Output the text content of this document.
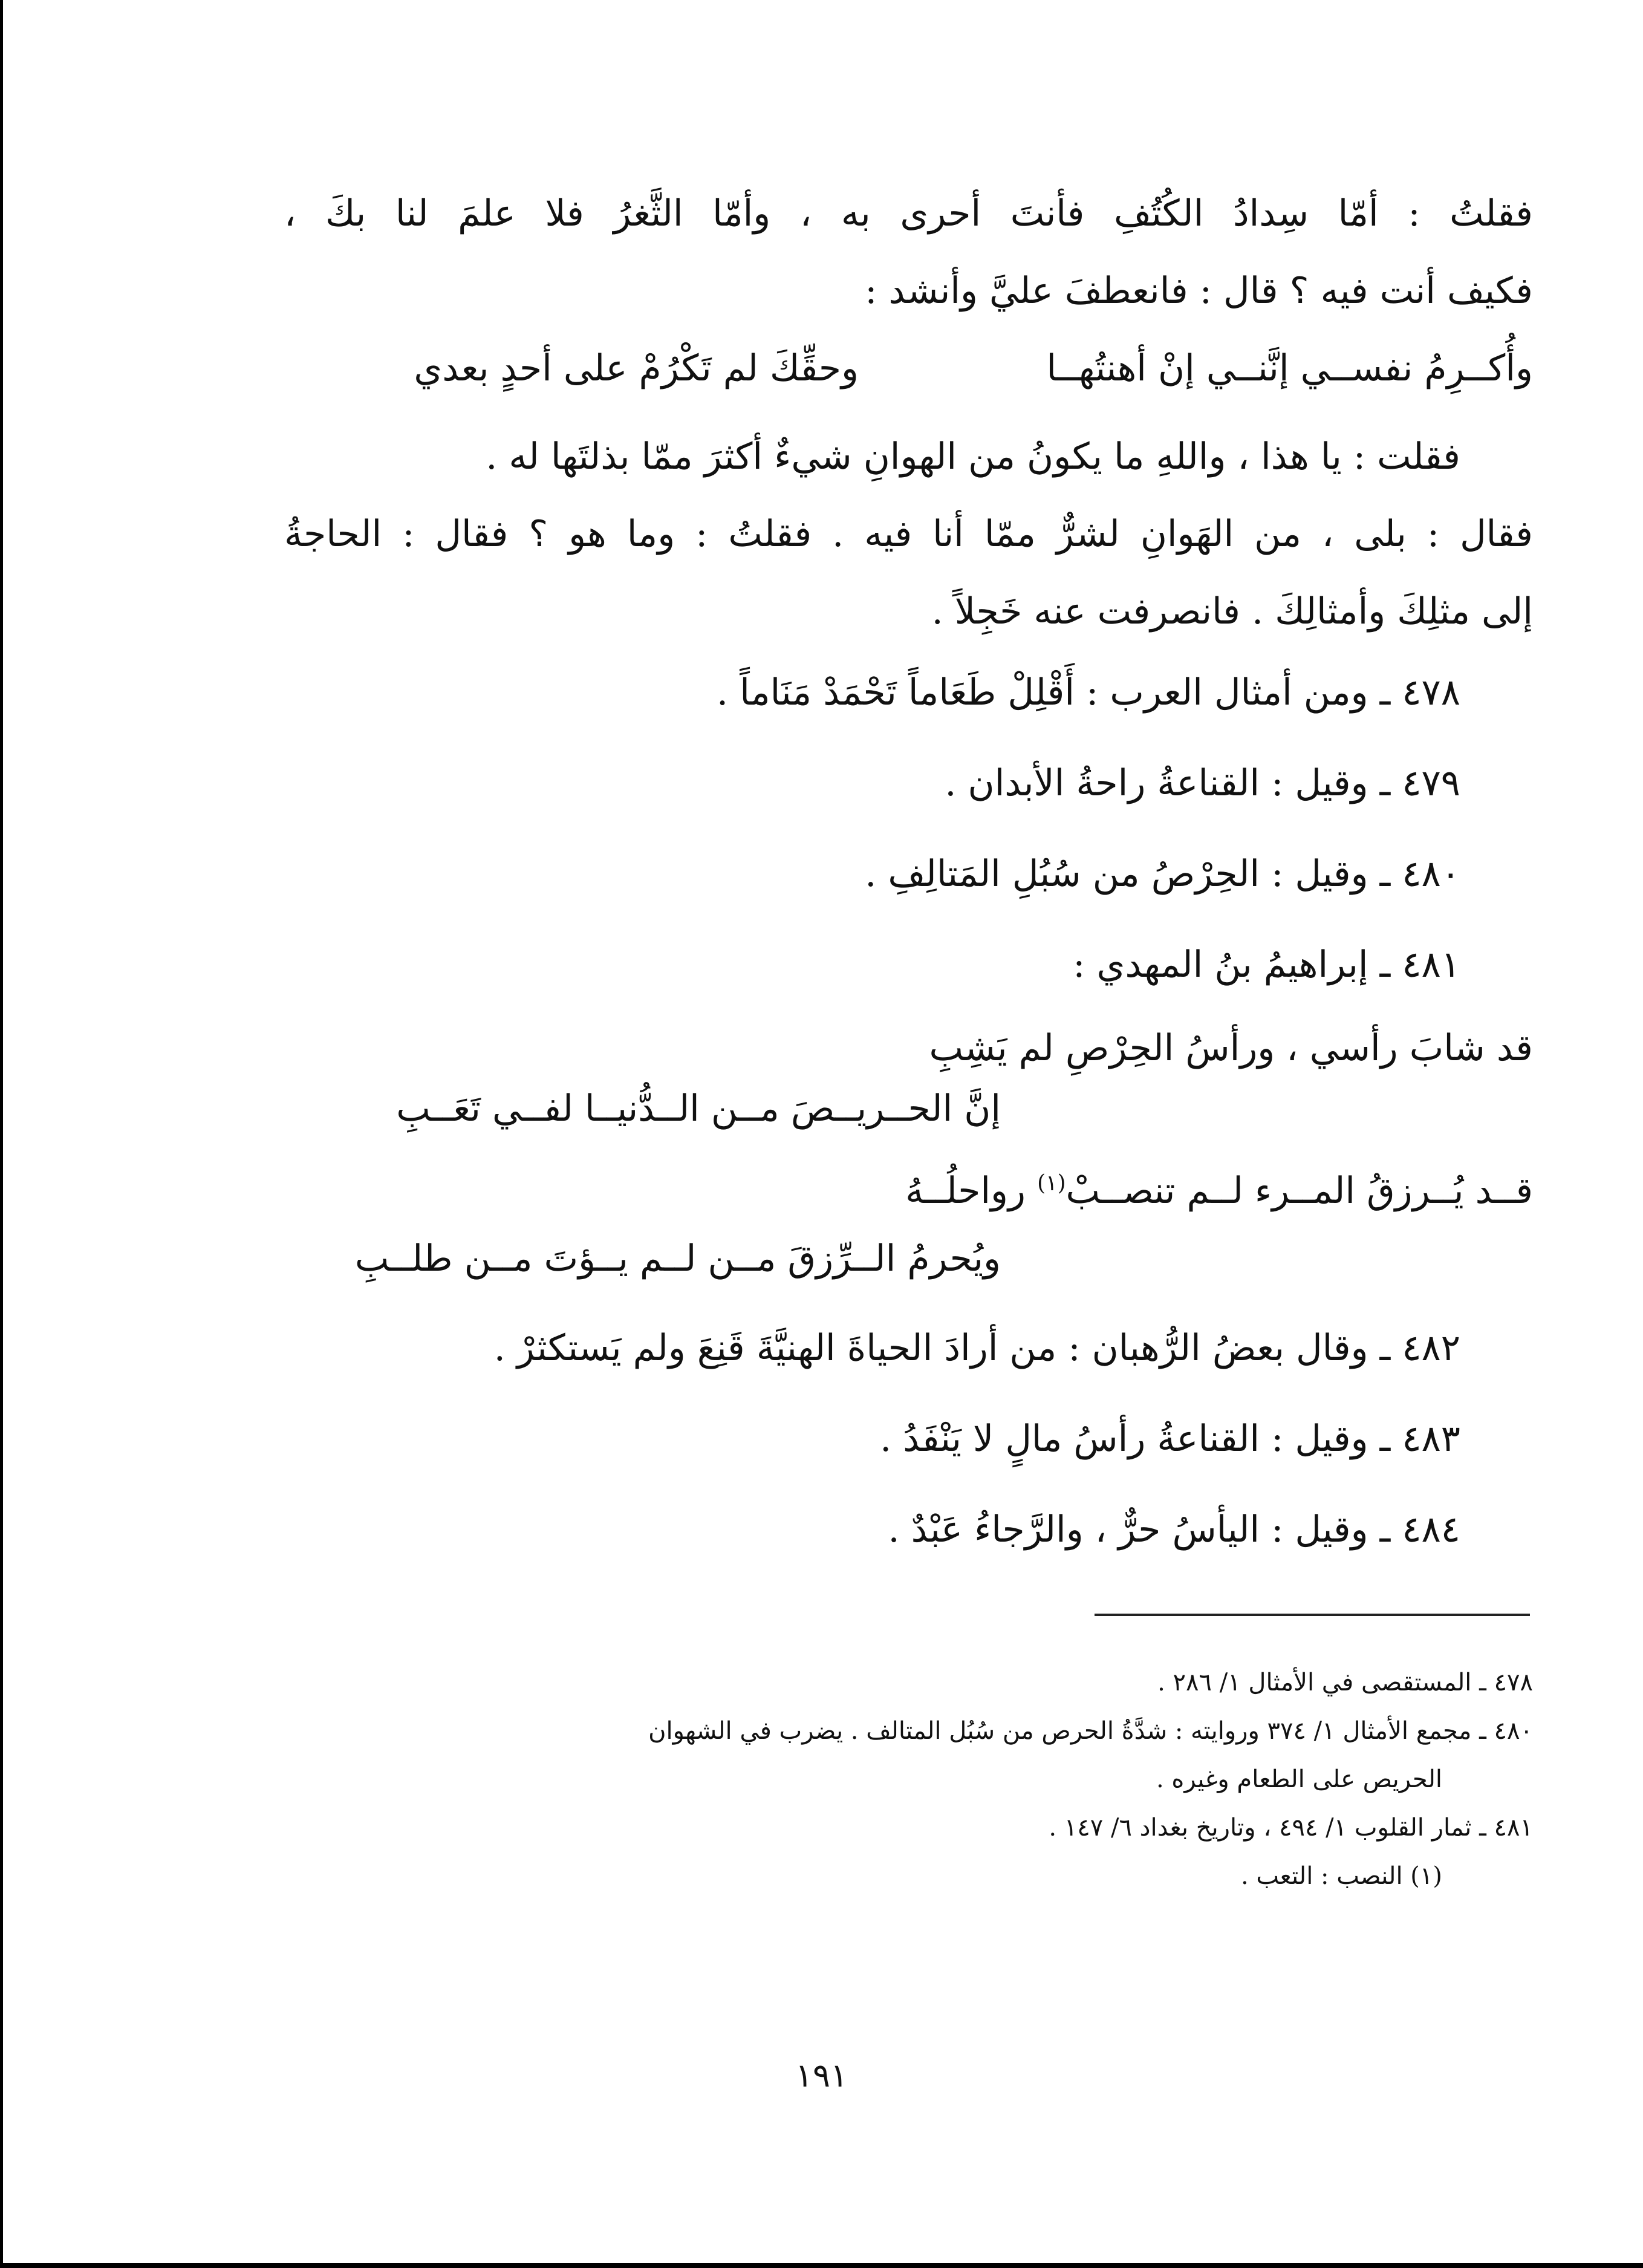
فقلتُ : أمّا سِدادُ الكُتُفِ فأنتَ أحرى به ، وأمّا الثَّغرُ فلا علمَ لنا بكَ ،
فكيف أنت فيه ؟ قال : فانعطفَ عليَّ وأنشد :
وأُكــرِمُ نفســي إنَّنــي إنْ أهنتُهــا
وحقِّكَ لم تَكْرُمْ على أحدٍ بعدي
فقلت : يا هذا ، واللهِ ما يكونُ من الهوانِ شيءٌ أكثرَ ممّا بذلتَها له .
فقال : بلى ، من الهَوانِ لشرٌّ ممّا أنا فيه . فقلتُ : وما هو ؟ فقال : الحاجةُ
إلى مثلِكَ وأمثالِكَ . فانصرفت عنه خَجِلاً .
٤٧٨ ـ ومن أمثال العرب : أَقْلِلْ طَعَاماً تَحْمَدْ مَنَاماً .
٤٧٩ ـ وقيل : القناعةُ راحةُ الأبدان .
٤٨٠ ـ وقيل : الحِرْصُ من سُبُلِ المَتالِفِ .
٤٨١ ـ إبراهيمُ بنُ المهدي :
قد شابَ رأسي ، ورأسُ الحِرْصِ لم يَشِبِ
إنَّ الحــريــصَ مــن الــدُّنيــا لفــي تَعَــبِ
قــد يُــرزقُ المــرء لــم تنصــبْ$^{(١)}$ رواحلُــهُ
ويُحرمُ الــرِّزقَ مــن لــم يــؤتَ مــن طلــبِ
٤٨٢ ـ وقال بعضُ الرُّهبان : من أرادَ الحياةَ الهنيَّةَ قَنِعَ ولم يَستكثرْ .
٤٨٣ ـ وقيل : القناعةُ رأسُ مالٍ لا يَنْفَدُ .
٤٨٤ ـ وقيل : اليأسُ حرٌّ ، والرَّجاءُ عَبْدٌ .
٤٧٨ ـ المستقصى في الأمثال ١/ ٢٨٦ .
٤٨٠ ـ مجمع الأمثال ١/ ٣٧٤ وروايته : شدَّةُ الحرص من سُبُل المتالف . يضرب في الشهوان
الحريص على الطعام وغيره .
٤٨١ ـ ثمار القلوب ١/ ٤٩٤ ، وتاريخ بغداد ٦/ ١٤٧ .
(١) النصب : التعب .
١٩١
